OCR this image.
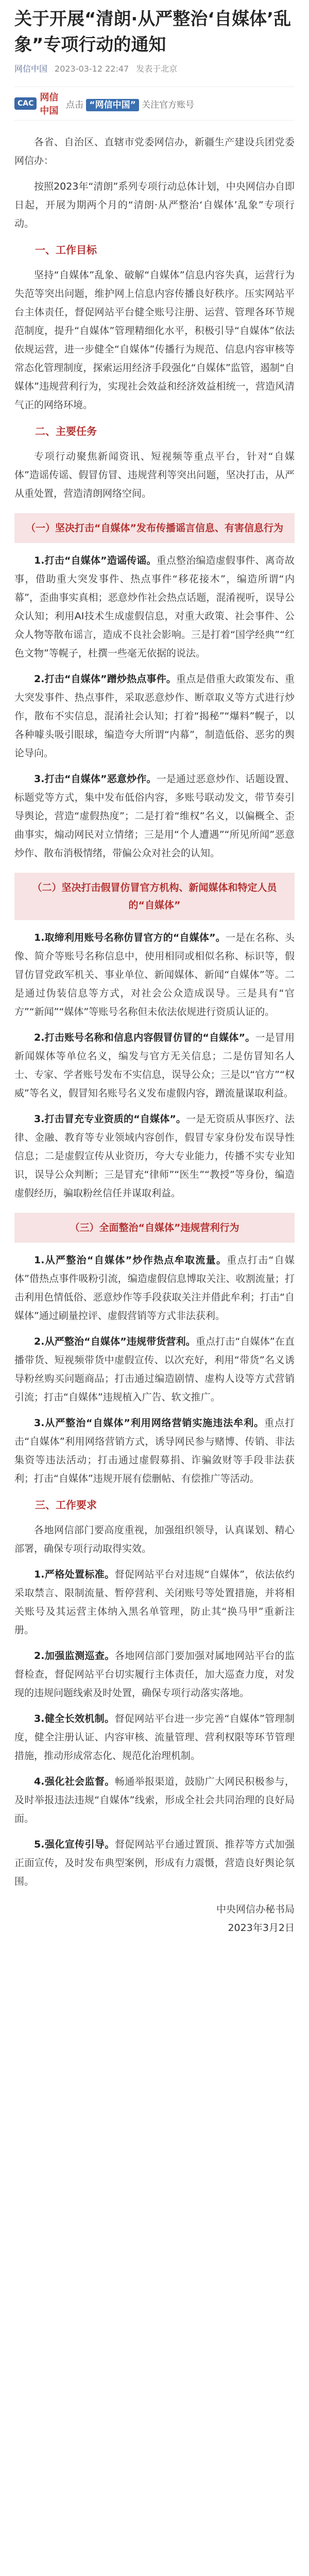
关于开展“清朗·从严整治‘自媒体’乱象”专项行动的通知
网信中国 2023-03-12 22:47 发表于北京
CAC
网信中国
点击 “网信中国” 关注官方账号
各省、自治区、直辖市党委网信办，新疆生产建设兵团党委网信办：
按照2023年“清朗”系列专项行动总体计划，中央网信办自即日起，开展为期两个月的“清朗·从严整治‘自媒体’乱象”专项行动。
一、工作目标
坚持“自媒体”乱象、破解“自媒体”信息内容失真，运营行为失范等突出问题，维护网上信息内容传播良好秩序。压实网站平台主体责任，督促网站平台健全账号注册、运营、管理各环节规范制度，提升“自媒体”管理精细化水平，积极引导“自媒体”依法依规运营，进一步健全“自媒体”传播行为规范、信息内容审核等常态化管理制度，探索运用经济手段强化“自媒体”监管，遏制“自媒体”违规营利行为，实现社会效益和经济效益相统一，营造风清气正的网络环境。
二、主要任务
专项行动聚焦新闻资讯、短视频等重点平台，针对“自媒体”造谣传谣、假冒仿冒、违规营利等突出问题，坚决打击，从严从重处置，营造清朗网络空间。
（一）坚决打击“自媒体”发布传播谣言信息、有害信息行为
1.打击“自媒体”造谣传谣。重点整治编造虚假事件、离奇故事，借助重大突发事件、热点事件“移花接木”，编造所谓“内幕”，歪曲事实真相；恶意炒作社会热点话题，混淆视听，误导公众认知；利用AI技术生成虚假信息，对重大政策、社会事件、公众人物等散布谣言，造成不良社会影响。三是打着“国学经典”“红色文物”等幌子，杜撰一些毫无依据的说法。
2.打击“自媒体”蹭炒热点事件。重点是借重大政策发布、重大突发事件、热点事件，采取恶意炒作、断章取义等方式进行炒作，散布不实信息，混淆社会认知；打着“揭秘”“爆料”幌子，以各种噱头吸引眼球，编造夸大所谓“内幕”，制造低俗、恶劣的舆论导向。
3.打击“自媒体”恶意炒作。一是通过恶意炒作、话题设置、标题党等方式，集中发布低俗内容，多账号联动发文，带节奏引导舆论，营造“虚假热度”；二是打着“维权”名义，以偏概全、歪曲事实，煽动网民对立情绪；三是用“个人遭遇”“所见所闻”恶意炒作、散布消极情绪，带偏公众对社会的认知。
（二）坚决打击假冒仿冒官方机构、新闻媒体和特定人员的“自媒体”
1.取缔利用账号名称仿冒官方的“自媒体”。一是在名称、头像、简介等账号名称信息中，使用相同或相似名称、标识等，假冒仿冒党政军机关、事业单位、新闻媒体、新闻“自媒体”等。二是通过伪装信息等方式，对社会公众造成误导。三是具有“官方”“新闻”“媒体”等账号名称但未依法依规进行资质认证的。
2.打击账号名称和信息内容假冒仿冒的“自媒体”。一是冒用新闻媒体等单位名义，编发与官方无关信息；二是仿冒知名人士、专家、学者账号发布不实信息，误导公众；三是以“官方”“权威”等名义，假冒知名账号名义发布虚假内容，蹭流量谋取利益。
3.打击冒充专业资质的“自媒体”。一是无资质从事医疗、法律、金融、教育等专业领域内容创作，假冒专家身份发布误导性信息；二是虚假宣传从业资历，夸大专业能力，传播不实专业知识，误导公众判断；三是冒充“律师”“医生”“教授”等身份，编造虚假经历，骗取粉丝信任并谋取利益。
（三）全面整治“自媒体”违规营利行为
1.从严整治“自媒体”炒作热点牟取流量。重点打击“自媒体”借热点事件吸粉引流，编造虚假信息博取关注、收割流量；打击利用色情低俗、恶意炒作等手段获取关注并借此牟利；打击“自媒体”通过刷量控评、虚假营销等方式非法获利。
2.从严整治“自媒体”违规带货营利。重点打击“自媒体”在直播带货、短视频带货中虚假宣传、以次充好，利用“带货”名义诱导粉丝购买问题商品；打击通过编造剧情、虚构人设等方式营销引流；打击“自媒体”违规植入广告、软文推广。
3.从严整治“自媒体”利用网络营销实施违法牟利。重点打击“自媒体”利用网络营销方式，诱导网民参与赌博、传销、非法集资等违法活动；打击通过虚假募捐、诈骗敛财等手段非法获利；打击“自媒体”违规开展有偿删帖、有偿推广等活动。
三、工作要求
各地网信部门要高度重视，加强组织领导，认真谋划、精心部署，确保专项行动取得实效。
1.严格处置标准。督促网站平台对违规“自媒体”，依法依约采取禁言、限制流量、暂停营利、关闭账号等处置措施，并将相关账号及其运营主体纳入黑名单管理，防止其“换马甲”重新注册。
2.加强监测巡查。各地网信部门要加强对属地网站平台的监督检查，督促网站平台切实履行主体责任，加大巡查力度，对发现的违规问题线索及时处置，确保专项行动落实落地。
3.健全长效机制。督促网站平台进一步完善“自媒体”管理制度，健全注册认证、内容审核、流量管理、营利权限等环节管理措施，推动形成常态化、规范化治理机制。
4.强化社会监督。畅通举报渠道，鼓励广大网民积极参与，及时举报违法违规“自媒体”线索，形成全社会共同治理的良好局面。
5.强化宣传引导。督促网站平台通过置顶、推荐等方式加强正面宣传，及时发布典型案例，形成有力震慑，营造良好舆论氛围。
中央网信办秘书局
2023年3月2日
